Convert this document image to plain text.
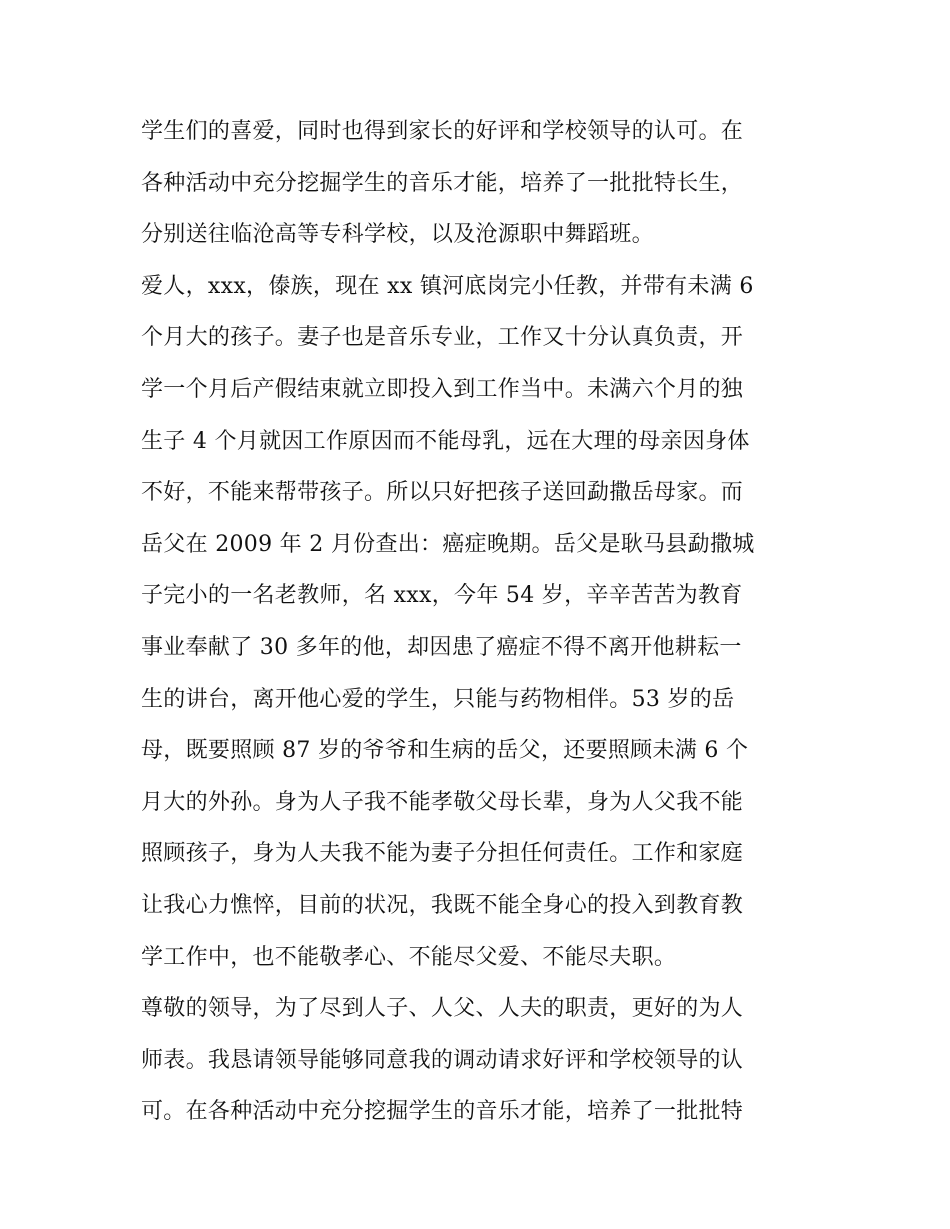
学生们的喜爱，同时也得到家长的好评和学校领导的认可。在
各种活动中充分挖掘学生的音乐才能，培养了一批批特长生，
分别送往临沧高等专科学校，以及沧源职中舞蹈班。
爱人，xxx，傣族，现在 xx 镇河底岗完小任教，并带有未满 6
个月大的孩子。妻子也是音乐专业，工作又十分认真负责，开
学一个月后产假结束就立即投入到工作当中。未满六个月的独
生子 4 个月就因工作原因而不能母乳，远在大理的母亲因身体
不好，不能来帮带孩子。所以只好把孩子送回勐撒岳母家。而
岳父在 2009 年 2 月份查出：癌症晚期。岳父是耿马县勐撒城
子完小的一名老教师，名 xxx，今年 54 岁，辛辛苦苦为教育
事业奉献了 30 多年的他，却因患了癌症不得不离开他耕耘一
生的讲台，离开他心爱的学生，只能与药物相伴。53 岁的岳
母，既要照顾 87 岁的爷爷和生病的岳父，还要照顾未满 6 个
月大的外孙。身为人子我不能孝敬父母长辈，身为人父我不能
照顾孩子，身为人夫我不能为妻子分担任何责任。工作和家庭
让我心力憔悴，目前的状况，我既不能全身心的投入到教育教
学工作中，也不能敬孝心、不能尽父爱、不能尽夫职。
尊敬的领导，为了尽到人子、人父、人夫的职责，更好的为人
师表。我恳请领导能够同意我的调动请求好评和学校领导的认
可。在各种活动中充分挖掘学生的音乐才能，培养了一批批特
